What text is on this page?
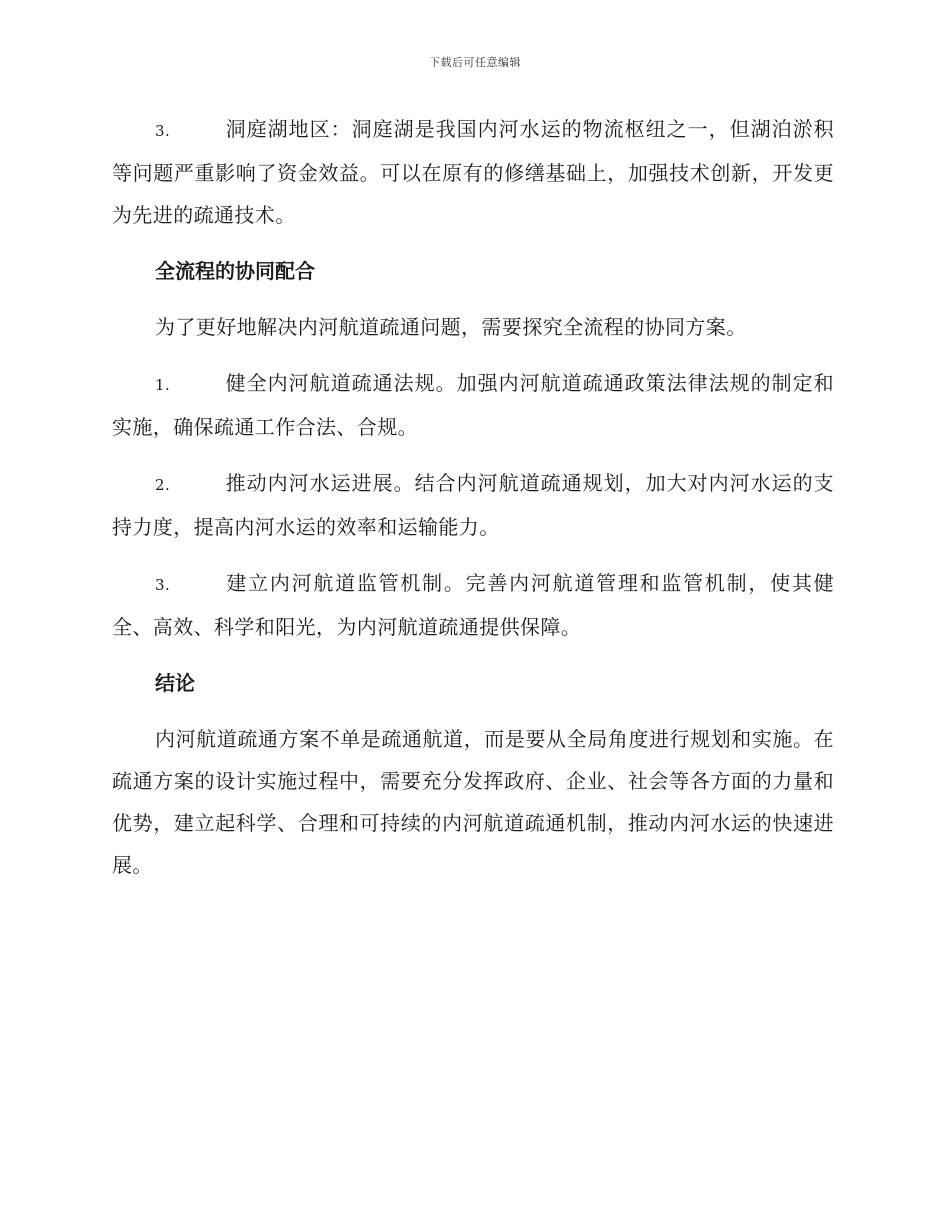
下载后可任意编辑

3.	洞庭湖地区：洞庭湖是我国内河水运的物流枢纽之一，但湖泊淤积等问题严重影响了资金效益。可以在原有的修缮基础上，加强技术创新，开发更为先进的疏通技术。

全流程的协同配合

为了更好地解决内河航道疏通问题，需要探究全流程的协同方案。

1.	健全内河航道疏通法规。加强内河航道疏通政策法律法规的制定和实施，确保疏通工作合法、合规。

2.	推动内河水运进展。结合内河航道疏通规划，加大对内河水运的支持力度，提高内河水运的效率和运输能力。

3.	建立内河航道监管机制。完善内河航道管理和监管机制，使其健全、高效、科学和阳光，为内河航道疏通提供保障。

结论

内河航道疏通方案不单是疏通航道，而是要从全局角度进行规划和实施。在疏通方案的设计实施过程中，需要充分发挥政府、企业、社会等各方面的力量和优势，建立起科学、合理和可持续的内河航道疏通机制，推动内河水运的快速进展。
